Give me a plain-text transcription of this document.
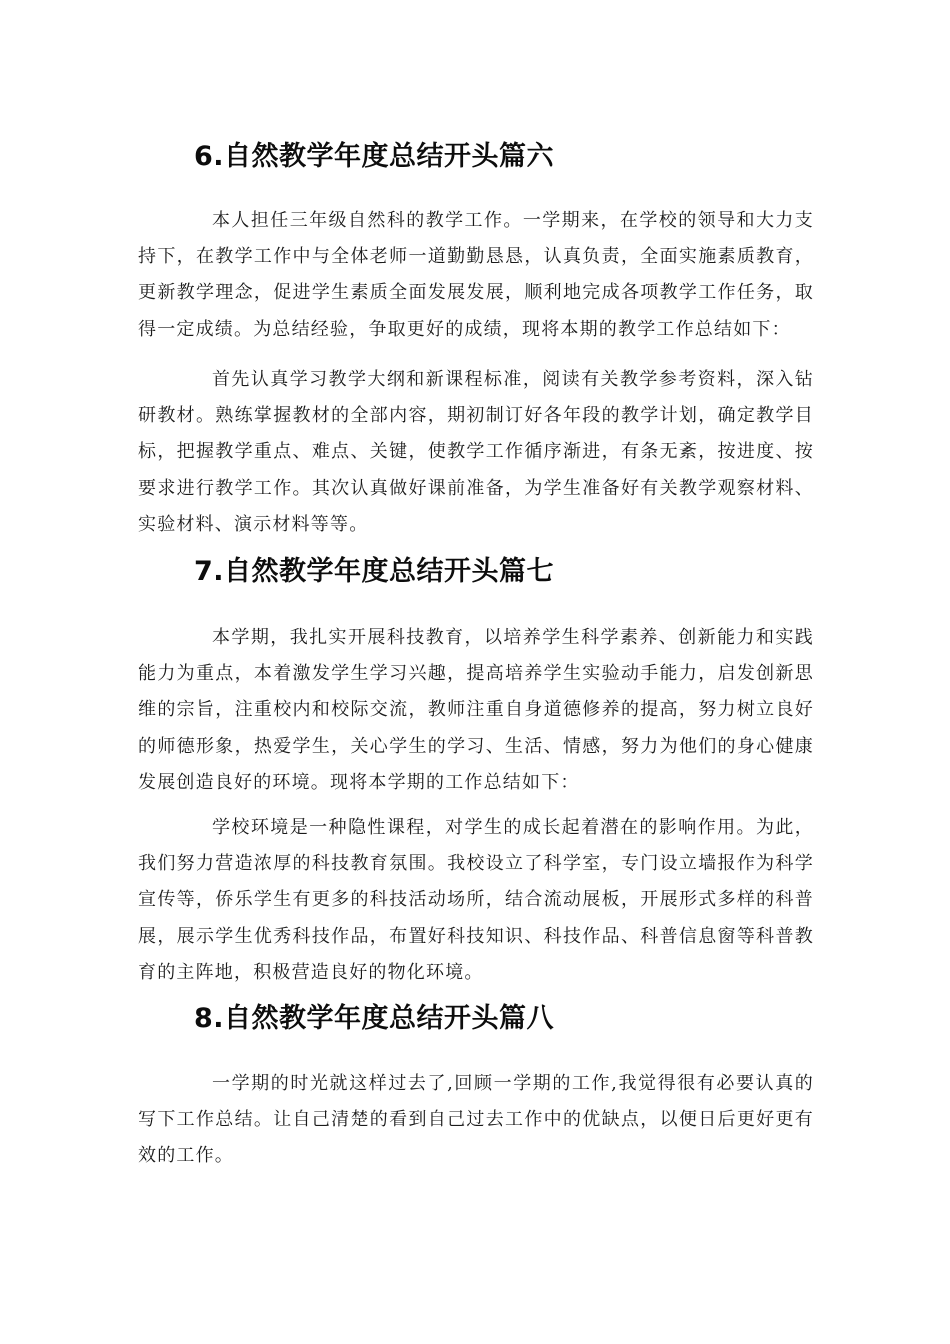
6.自然教学年度总结开头篇六

本人担任三年级自然科的教学工作。一学期来，在学校的领导和大力支持下，在教学工作中与全体老师一道勤勤恳恳，认真负责，全面实施素质教育，更新教学理念，促进学生素质全面发展发展，顺利地完成各项教学工作任务，取得一定成绩。为总结经验，争取更好的成绩，现将本期的教学工作总结如下：

首先认真学习教学大纲和新课程标准，阅读有关教学参考资料，深入钻研教材。熟练掌握教材的全部内容，期初制订好各年段的教学计划，确定教学目标，把握教学重点、难点、关键，使教学工作循序渐进，有条无紊，按进度、按要求进行教学工作。其次认真做好课前准备，为学生准备好有关教学观察材料、实验材料、演示材料等等。

7.自然教学年度总结开头篇七

本学期，我扎实开展科技教育，以培养学生科学素养、创新能力和实践能力为重点，本着激发学生学习兴趣，提高培养学生实验动手能力，启发创新思维的宗旨，注重校内和校际交流，教师注重自身道德修养的提高，努力树立良好的师德形象，热爱学生，关心学生的学习、生活、情感，努力为他们的身心健康发展创造良好的环境。现将本学期的工作总结如下：

学校环境是一种隐性课程，对学生的成长起着潜在的影响作用。为此，我们努力营造浓厚的科技教育氛围。我校设立了科学室，专门设立墙报作为科学宣传等，侨乐学生有更多的科技活动场所，结合流动展板，开展形式多样的科普展，展示学生优秀科技作品，布置好科技知识、科技作品、科普信息窗等科普教育的主阵地，积极营造良好的物化环境。

8.自然教学年度总结开头篇八

一学期的时光就这样过去了,回顾一学期的工作,我觉得很有必要认真的写下工作总结。让自己清楚的看到自己过去工作中的优缺点，以便日后更好更有效的工作。
